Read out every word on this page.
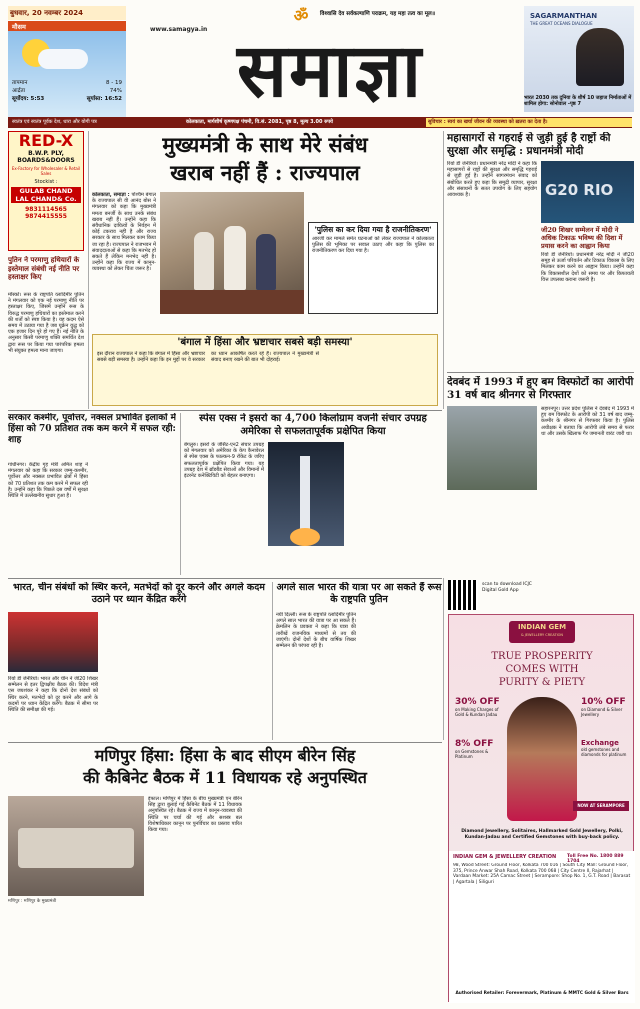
बुधवार, 20 नवम्बर 2024
मौसम
तापमान	8 - 19
आर्द्रता	74%
सूर्योदय: 5:53	सूर्यास्त: 16:52
ॐ	विश्वासि देव सर्वकल्याणि पराक्रम, यह महा तत्व का मूल॥
www.samagya.in समाज्ञा
SAGARMANTHAN
THE GREAT OCEANS DIALOGUE
भारत 2030 तक दुनिया के शीर्ष 10 जहाज निर्माताओं में शामिल होगा: सोनोवाल -पृष्ठ 7
स्वतंत्र एवं स्वतंत्र पूर्वक देश, धारा और योगी पत्र	कोलकाता, मार्गशीर्ष कृष्णपक्ष पंचमी, वि.सं. 2081, पृष्ठ 8, मूल्य 3.00 रुपये	सुविचार : स्वयं का खर्चा जीवन की व्यवस्था को ख़तरा का देता है।
RED-X
B.W.P. PLY,
BOARDS&DOORS
Ex-Factory for Wholesaler & Retail Sales
Stockist :
GULAB CHAND
LAL CHAND& Co.
9831114565
9874415555
पुतिन ने परमाणु हथियारों के इस्तेमाल संबंधी नई नीति पर हस्ताक्षर किए
मॉस्को। रूस के राष्ट्रपति व्लादिमीर पुतिन ने मंगलवार को एक नई परमाणु नीति पर हस्ताक्षर किए, जिसमें उन्होंने रूस के विरुद्ध परमाणु हथियारों का इस्तेमाल करने की शर्तों को स्पष्ट किया है। यह कदम ऐसे समय में उठाया गया है जब यूक्रेन युद्ध को एक हजार दिन पूरे हो गए हैं। नई नीति के अनुसार किसी परमाणु शक्ति समर्थित देश द्वारा रूस पर किया गया पारंपरिक हमला भी संयुक्त हमला माना जाएगा।
मुख्यमंत्री के साथ मेरे संबंध
खराब नहीं हैं : राज्यपाल
कोलकाता, समाज्ञा : पश्चिम बंगाल के राज्यपाल सी वी आनंद बोस ने मंगलवार को कहा कि मुख्यमंत्री ममता बनर्जी के साथ उनके संबंध खराब नहीं हैं। उन्होंने कहा कि संवैधानिक दायित्वों के निर्वहन में कोई टकराव नहीं है और राज्य सरकार के साथ मिलकर काम किया जा रहा है। राज्यपाल ने राजभवन में संवाददाताओं से कहा कि मतभेद हो सकते हैं लेकिन मनभेद नहीं है। उन्होंने कहा कि राज्य में कानून-व्यवस्था को लेकर चिंता जरूर है।
'पुलिस का कर दिया गया है राजनीतिकरण'
आरजी कर मामले समेत घटनाओं को लेकर राज्यपाल ने कोलकाता पुलिस की भूमिका पर सवाल उठाए और कहा कि पुलिस का राजनीतिकरण कर दिया गया है।
'बंगाल में हिंसा और भ्रष्टाचार सबसे बड़ी समस्या'
इस दौरान राज्यपाल ने कहा कि बंगाल में हिंसा और भ्रष्टाचार सबसे बड़ी समस्या है। उन्होंने कहा कि इन मुद्दों पर वे सरकार का ध्यान आकर्षित करते रहे हैं। राज्यपाल ने मुख्यमंत्री से संवाद बनाए रखने की बात भी दोहराई।
महासागरों से गहराई से जुड़ी हुई है राष्ट्रों की सुरक्षा और समृद्धि : प्रधानमंत्री मोदी
G20 RIO
रियो डी जेनेरियो। प्रधानमंत्री नरेंद्र मोदी ने कहा कि महासागरों से राष्ट्रों की सुरक्षा और समृद्धि गहराई से जुड़ी हुई है। उन्होंने सागरमंथन संवाद को संबोधित करते हुए कहा कि समुद्री व्यापार, सुरक्षा और संसाधनों के सतत उपयोग के लिए सहयोग आवश्यक है।
जी20 शिखर सम्मेलन में मोदी ने अधिक टिकाऊ भविष्य की दिशा में प्रयास करने का आह्वान किया
रियो डी जेनेरियो। प्रधानमंत्री नरेंद्र मोदी ने जी20 समूह से ऊर्जा परिवर्तन और टिकाऊ विकास के लिए मिलकर काम करने का आह्वान किया। उन्होंने कहा कि विकासशील देशों को समय पर और किफायती वित्त उपलब्ध कराना जरूरी है।
देवबंद में 1993 में हुए बम विस्फोटों का आरोपी 31 वर्ष बाद श्रीनगर से गिरफ्तार
सहारनपुर। उत्तर प्रदेश पुलिस ने देवबंद में 1993 में हुए बम विस्फोट के आरोपी को 31 वर्ष बाद जम्मू-कश्मीर के श्रीनगर से गिरफ्तार किया है। पुलिस अधीक्षक ने बताया कि आरोपी लंबे समय से फरार था और उसके खिलाफ गैर जमानती वारंट जारी था।
सरकार कश्मीर, पूर्वोत्तर, नक्सल प्रभावित इलाकों में हिंसा को 70 प्रतिशत तक कम करने में सफल रही: शाह
गांधीनगर। केंद्रीय गृह मंत्री अमित शाह ने मंगलवार को कहा कि सरकार जम्मू-कश्मीर, पूर्वोत्तर और नक्सल प्रभावित क्षेत्रों में हिंसा को 70 प्रतिशत तक कम करने में सफल रही है। उन्होंने कहा कि पिछले दस वर्षों में सुरक्षा स्थिति में उल्लेखनीय सुधार हुआ है।
स्पेस एक्स ने इसरो का 4,700 किलोग्राम वजनी संचार उपग्रह अमेरिका से सफलतापूर्वक प्रक्षेपित किया
बेंगलुरु। इसरो के जीसैट-एन2 संचार उपग्रह को मंगलवार को अमेरिका के केप कैनावेरल से स्पेस एक्स के फाल्कन-9 रॉकेट के जरिए सफलतापूर्वक प्रक्षेपित किया गया। यह उपग्रह देश में ब्रॉडबैंड सेवाओं और विमानों में इंटरनेट कनेक्टिविटी को बेहतर बनाएगा।
भारत, चीन संबंधों को स्थिर करने, मतभेदों को दूर करने और अगले कदम उठाने पर ध्यान केंद्रित करेंगे
रियो डी जेनेरियो। भारत और चीन ने जी20 शिखर सम्मेलन से इतर द्विपक्षीय बैठक की। विदेश मंत्री एस जयशंकर ने कहा कि दोनों देश संबंधों को स्थिर करने, मतभेदों को दूर करने और आगे के कदमों पर ध्यान केंद्रित करेंगे। बैठक में सीमा पर स्थिति की समीक्षा की गई।
अगले साल भारत की यात्रा पर आ सकते हैं रूस के राष्ट्रपति पुतिन
नयी दिल्ली। रूस के राष्ट्रपति व्लादिमीर पुतिन अगले साल भारत की यात्रा पर आ सकते हैं। क्रेमलिन के प्रवक्ता ने कहा कि यात्रा की तारीखें राजनयिक माध्यमों से तय की जाएंगी। दोनों देशों के बीच वार्षिक शिखर सम्मेलन की परंपरा रही है।
scan to download ICJC Digital Gold App
INDIAN GEM
& JEWELLERY CREATION
TRUE PROSPERITY
COMES WITH
PURITY & PIETY
30% OFF
on Making Charges of Gold & Kundan Jadau
10% OFF
on Diamond & Silver Jewellery
8% OFF
on Gemstones & Platinum
Exchange
old gemstones and diamonds for platinum
NOW AT SERAMPORE
Diamond Jewellery, Solitaires, Hallmarked Gold Jewellery, Polki, Kundan-Jadau and Certified Gemstones with buy-back policy.
INDIAN GEM & JEWELLERY CREATION Toll Free No. 1800 889 1704
98, Wood Street: Ground Floor, Kolkata 700 016 | South City Mall: Ground Floor, 375, Prince Anwar Shah Road, Kolkata 700 068 | City Centre II, Rajarhat | Vardaan Market: 25A Camac Street | Serampore: Shop No. 1, G.T. Road | Barasat | Agartala | Siliguri
Authorised Retailer: Forevermark, Platinum & MMTC Gold & Silver Bars
मणिपुर हिंसा: हिंसा के बाद सीएम बीरेन सिंह
की कैबिनेट बैठक में 11 विधायक रहे अनुपस्थित
मणिपुर : मणिपुर के मुख्यमंत्री
इंफाल। मणिपुर में हिंसा के बीच मुख्यमंत्री एन बीरेन सिंह द्वारा बुलाई गई कैबिनेट बैठक में 11 विधायक अनुपस्थित रहे। बैठक में राज्य में कानून-व्यवस्था की स्थिति पर चर्चा की गई और सशस्त्र बल विशेषाधिकार कानून पर पुनर्विचार का प्रस्ताव पारित किया गया।
